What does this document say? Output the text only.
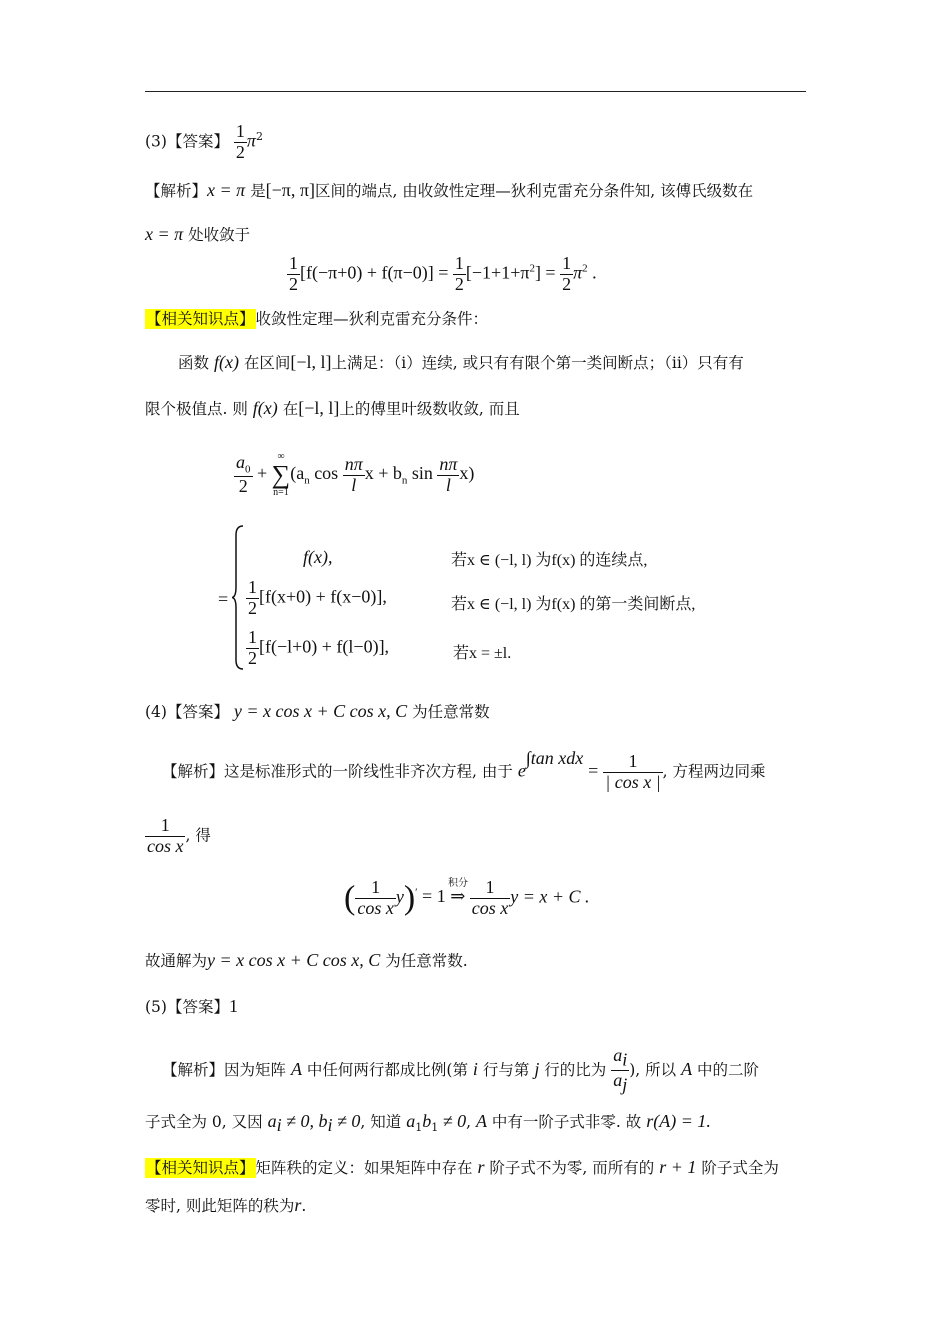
(3)【答案】 $\frac{1}{2} \pi^2$
【解析】x = π 是[−π, π]区间的端点, 由收敛性定理—狄利克雷充分条件知, 该傅氏级数在
x = π 处收敛于
$\frac{1}{2} [f(-\pi+0) + f(\pi-0)] = \frac{1}{2} [-1+1+\pi^2] = \frac{1}{2} \pi^2$ .
【相关知识点】收敛性定理—狄利克雷充分条件：
函数 f(x) 在区间[−l, l]上满足：（i）连续, 或只有有限个第一类间断点；（ii）只有有
限个极值点. 则 f(x) 在[−l, l]上的傅里叶级数收敛, 而且
$\frac{a_0}{2}$ +
∞
∑
n=1
($a_n$ $\cos \frac{n\pi}{l}$ $x + b_n$ $\sin \frac{n\pi}{l} x$)
=
f(x),	若x ∈ (−l, l) 为f(x) 的连续点,
$\frac{1}{2} [f(x+0) + f(x-0)]$,	若x ∈ (−l, l) 为f(x) 的第一类间断点,
$\frac{1}{2} [f(-l+0) + f(l-0)]$,	若x = ±l.
(4)【答案】 y = x cos x + C cos x, C 为任意常数
【解析】这是标准形式的一阶线性非齐次方程, 由于 $e^{\int tan xdx} = \frac{1}{\text{| cos x |}}$ , 方程两边同乘
$\frac{1}{\text{cos x}}$ , 得
( $\frac{1}{\text{cos x}} y)'$
积分
= 1 ⇒ $\frac{1}{\text{cos x}}$ y = x + C .
故通解为y = x cos x + C cos x, C 为任意常数.
(5)【答案】1
【解析】因为矩阵 A 中任何两行都成比例(第 i 行与第 j 行的比为 $\frac{a_i}{a_j}$ ), 所以 A 中的二阶
子式全为 0, 又因 $a_i \ne 0$, $b_i \ne 0$, 知道 $a_1b_1 \ne 0$, A 中有一阶子式非零. 故 r(A) = 1.
【相关知识点】矩阵秩的定义：如果矩阵中存在 r 阶子式不为零, 而所有的 r + 1 阶子式全为
零时, 则此矩阵的秩为r.
